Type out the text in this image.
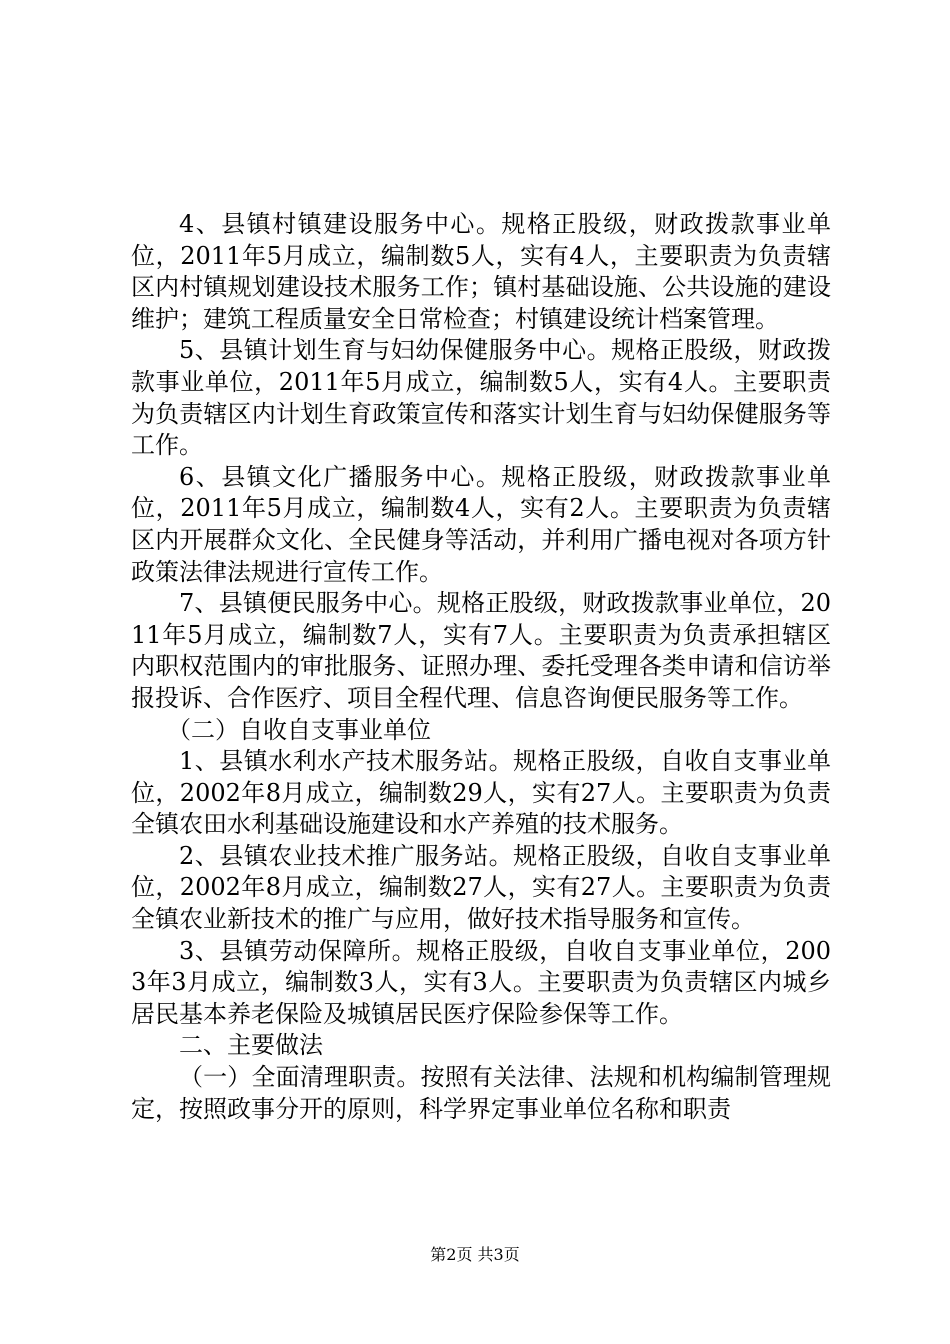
4、县镇村镇建设服务中心。规格正股级，财政拨款事业单位，2011年5月成立，编制数5人，实有4人，主要职责为负责辖区内村镇规划建设技术服务工作；镇村基础设施、公共设施的建设维护；建筑工程质量安全日常检查；村镇建设统计档案管理。

5、县镇计划生育与妇幼保健服务中心。规格正股级，财政拨款事业单位，2011年5月成立，编制数5人，实有4人。主要职责为负责辖区内计划生育政策宣传和落实计划生育与妇幼保健服务等工作。

6、县镇文化广播服务中心。规格正股级，财政拨款事业单位，2011年5月成立，编制数4人，实有2人。主要职责为负责辖区内开展群众文化、全民健身等活动，并利用广播电视对各项方针政策法律法规进行宣传工作。

7、县镇便民服务中心。规格正股级，财政拨款事业单位，2011年5月成立，编制数7人，实有7人。主要职责为负责承担辖区内职权范围内的审批服务、证照办理、委托受理各类申请和信访举报投诉、合作医疗、项目全程代理、信息咨询便民服务等工作。

（二）自收自支事业单位

1、县镇水利水产技术服务站。规格正股级，自收自支事业单位，2002年8月成立，编制数29人，实有27人。主要职责为负责全镇农田水利基础设施建设和水产养殖的技术服务。

2、县镇农业技术推广服务站。规格正股级，自收自支事业单位，2002年8月成立，编制数27人，实有27人。主要职责为负责全镇农业新技术的推广与应用，做好技术指导服务和宣传。

3、县镇劳动保障所。规格正股级，自收自支事业单位，2003年3月成立，编制数3人，实有3人。主要职责为负责辖区内城乡居民基本养老保险及城镇居民医疗保险参保等工作。

二、主要做法

（一）全面清理职责。按照有关法律、法规和机构编制管理规定，按照政事分开的原则，科学界定事业单位名称和职责

第2页 共3页
